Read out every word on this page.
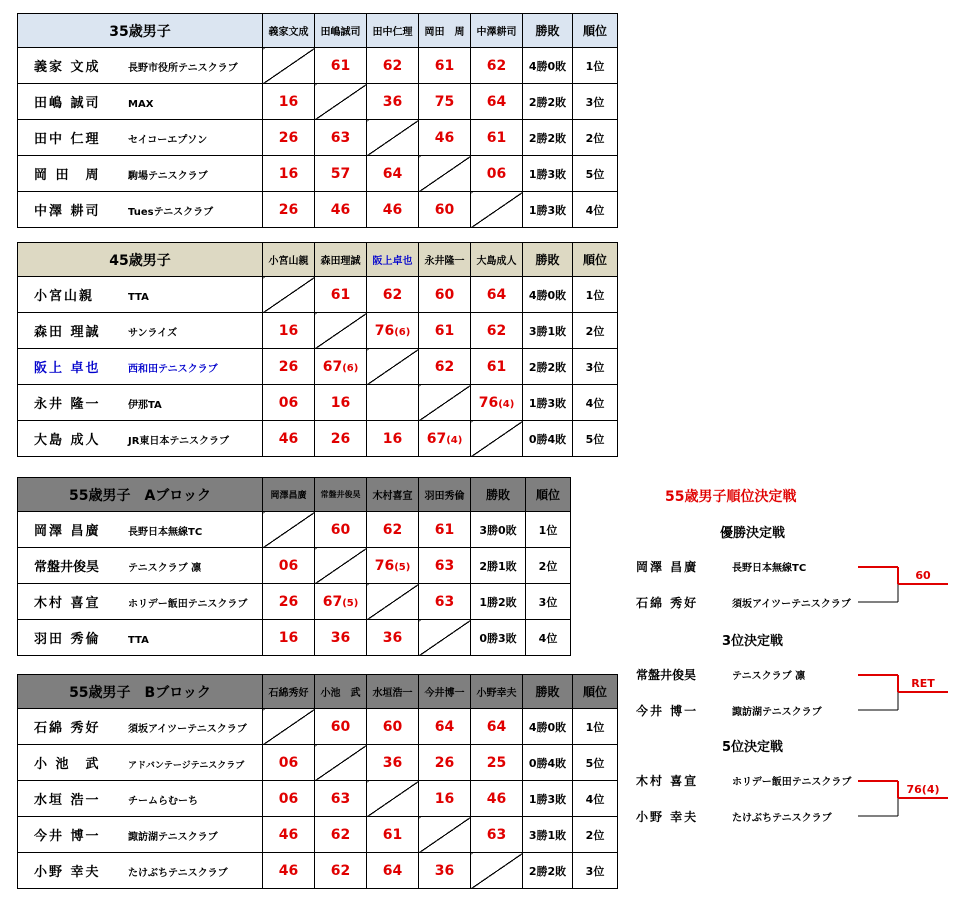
35歳男子	義家文成	田嶋誠司	田中仁理	岡田　周	中澤耕司	勝敗	順位
義家 文成 長野市役所テニスクラブ		61	62	61	62	4勝0敗	1位
田嶋 誠司 MAX	16		36	75	64	2勝2敗	3位
田中 仁理 セイコーエプソン	26	63		46	61	2勝2敗	2位
岡 田　周 駒場テニスクラブ	16	57	64		06	1勝3敗	5位
中澤 耕司 Tuesテニスクラブ	26	46	46	60		1勝3敗	4位
45歳男子	小宮山親	森田理誠	阪上卓也	永井隆一	大島成人	勝敗	順位
小宮山親 TTA		61	62	60	64	4勝0敗	1位
森田 理誠 サンライズ	16		76(6)	61	62	3勝1敗	2位
阪上 卓也 西和田テニスクラブ	26	67(6)		62	61	2勝2敗	3位
永井 隆一 伊那TA	06	16			76(4)	1勝3敗	4位
大島 成人 JR東日本テニスクラブ	46	26	16	67(4)		0勝4敗	5位
55歳男子　Aブロック	岡澤昌廣	常盤井俊昊	木村喜宣	羽田秀倫	勝敗	順位
岡澤 昌廣 長野日本無線TC		60	62	61	3勝0敗	1位
常盤井俊昊 テニスクラブ 凛	06		76(5)	63	2勝1敗	2位
木村 喜宣 ホリデー飯田テニスクラブ	26	67(5)		63	1勝2敗	3位
羽田 秀倫 TTA	16	36	36		0勝3敗	4位
55歳男子　Bブロック	石綿秀好	小池　武	水垣浩一	今井博一	小野幸夫	勝敗	順位
石綿 秀好 須坂アイツーテニスクラブ		60	60	64	64	4勝0敗	1位
小 池　武 アドバンテージテニスクラブ	06		36	26	25	0勝4敗	5位
水垣 浩一 チームらむーち	06	63		16	46	1勝3敗	4位
今井 博一 諏訪湖テニスクラブ	46	62	61		63	3勝1敗	2位
小野 幸夫 たけぶちテニスクラブ	46	62	64	36		2勝2敗	3位
55歳男子順位決定戦
優勝決定戦
岡澤 昌廣	長野日本無線TC
石綿 秀好	須坂アイツーテニスクラブ
60
3位決定戦
常盤井俊昊	テニスクラブ 凛
今井 博一	諏訪湖テニスクラブ
RET
5位決定戦
木村 喜宣	ホリデー飯田テニスクラブ
小野 幸夫	たけぶちテニスクラブ
76(4)
